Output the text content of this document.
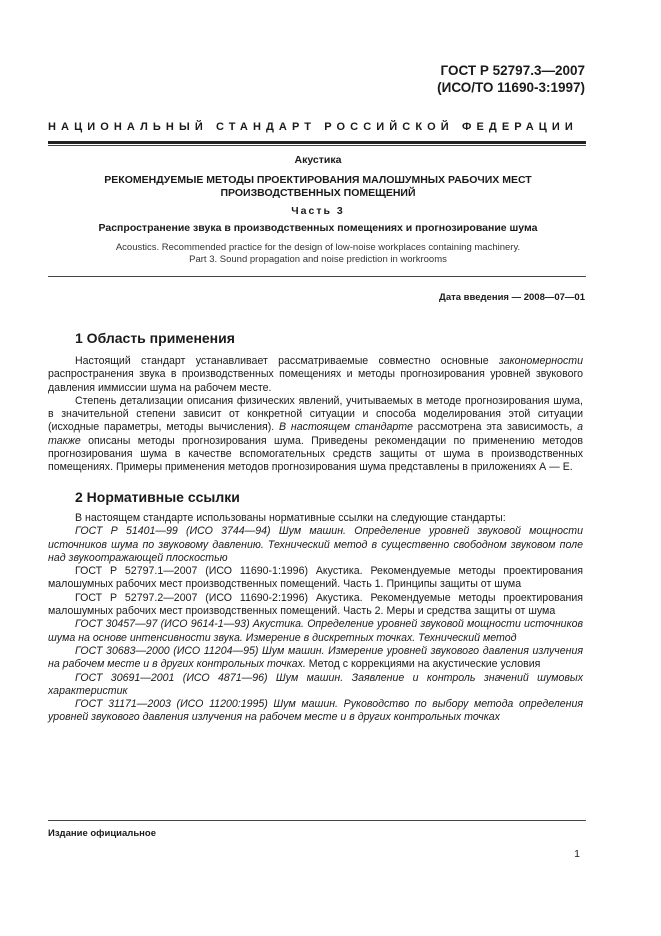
ГОСТ Р 52797.3—2007
(ИСО/ТО 11690-3:1997)
НАЦИОНАЛЬНЫЙ СТАНДАРТ РОССИЙСКОЙ ФЕДЕРАЦИИ
Акустика
РЕКОМЕНДУЕМЫЕ МЕТОДЫ ПРОЕКТИРОВАНИЯ МАЛОШУМНЫХ РАБОЧИХ МЕСТ
ПРОИЗВОДСТВЕННЫХ ПОМЕЩЕНИЙ
Часть 3
Распространение звука в производственных помещениях и прогнозирование шума
Acoustics. Recommended practice for the design of low-noise workplaces containing machinery.
Part 3. Sound propagation and noise prediction in workrooms
Дата введения — 2008—07—01
1 Область применения

Настоящий стандарт устанавливает рассматриваемые совместно основные закономерности распространения звука в производственных помещениях и методы прогнозирования уровней звукового давления иммиссии шума на рабочем месте.

Степень детализации описания физических явлений, учитываемых в методе прогнозирования шума, в значительной степени зависит от конкретной ситуации и способа моделирования этой ситуации (исходные параметры, методы вычисления). В настоящем стандарте рассмотрена эта зависимость, а также описаны методы прогнозирования шума. Приведены рекомендации по применению методов прогнозирования шума в качестве вспомогательных средств защиты от шума в производственных помещениях. Примеры применения методов прогнозирования шума представлены в приложениях А — Е.

2 Нормативные ссылки

В настоящем стандарте использованы нормативные ссылки на следующие стандарты:

ГОСТ Р 51401—99 (ИСО 3744—94) Шум машин. Определение уровней звуковой мощности источников шума по звуковому давлению. Технический метод в существенно свободном звуковом поле над звукоотражающей плоскостью

ГОСТ Р 52797.1—2007 (ИСО 11690-1:1996) Акустика. Рекомендуемые методы проектирования малошумных рабочих мест производственных помещений. Часть 1. Принципы защиты от шума

ГОСТ Р 52797.2—2007 (ИСО 11690-2:1996) Акустика. Рекомендуемые методы проектирования малошумных рабочих мест производственных помещений. Часть 2. Меры и средства защиты от шума

ГОСТ 30457—97 (ИСО 9614-1—93) Акустика. Определение уровней звуковой мощности источников шума на основе интенсивности звука. Измерение в дискретных точках. Технический метод

ГОСТ 30683—2000 (ИСО 11204—95) Шум машин. Измерение уровней звукового давления излучения на рабочем месте и в других контрольных точках. Метод с коррекциями на акустические условия

ГОСТ 30691—2001 (ИСО 4871—96) Шум машин. Заявление и контроль значений шумовых характеристик

ГОСТ 31171—2003 (ИСО 11200:1995) Шум машин. Руководство по выбору метода определения уровней звукового давления излучения на рабочем месте и в других контрольных точках

Издание официальное
1
